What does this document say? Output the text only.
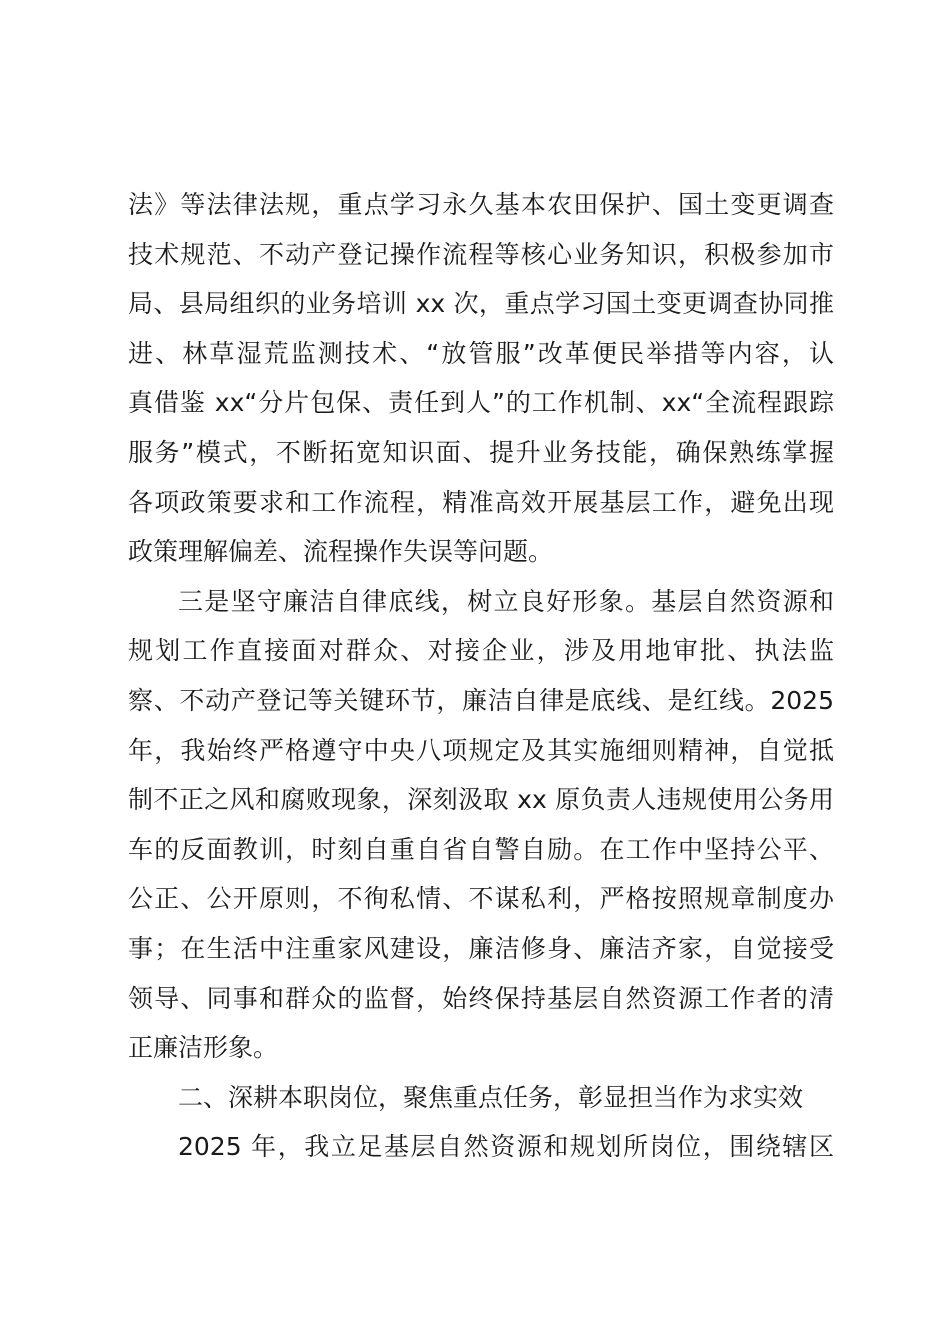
法》等法律法规，重点学习永久基本农田保护、国土变更调查
技术规范、不动产登记操作流程等核心业务知识，积极参加市
局、县局组织的业务培训 xx 次，重点学习国土变更调查协同推
进、林草湿荒监测技术、“放管服”改革便民举措等内容，认
真借鉴 xx“分片包保、责任到人”的工作机制、xx“全流程跟踪
服务”模式，不断拓宽知识面、提升业务技能，确保熟练掌握
各项政策要求和工作流程，精准高效开展基层工作，避免出现
政策理解偏差、流程操作失误等问题。
三是坚守廉洁自律底线，树立良好形象。基层自然资源和
规划工作直接面对群众、对接企业，涉及用地审批、执法监
察、不动产登记等关键环节，廉洁自律是底线、是红线。2025
年，我始终严格遵守中央八项规定及其实施细则精神，自觉抵
制不正之风和腐败现象，深刻汲取 xx 原负责人违规使用公务用
车的反面教训，时刻自重自省自警自励。在工作中坚持公平、
公正、公开原则，不徇私情、不谋私利，严格按照规章制度办
事；在生活中注重家风建设，廉洁修身、廉洁齐家，自觉接受
领导、同事和群众的监督，始终保持基层自然资源工作者的清
正廉洁形象。
二、深耕本职岗位，聚焦重点任务，彰显担当作为求实效
2025 年，我立足基层自然资源和规划所岗位，围绕辖区
